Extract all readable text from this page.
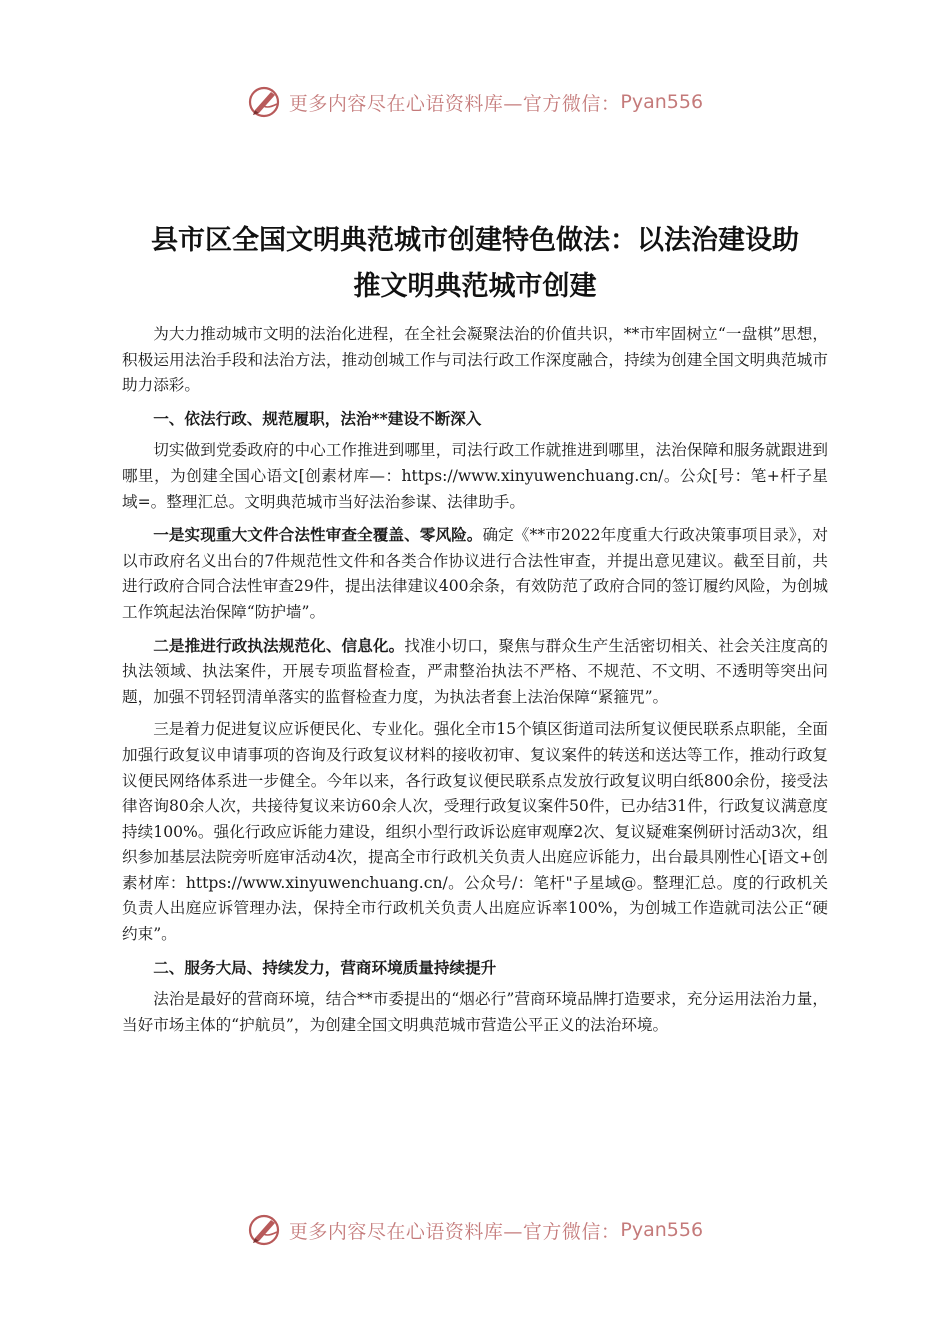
更多内容尽在心语资料库—官方微信： Pyan556
县市区全国文明典范城市创建特色做法：以法治建设助
推文明典范城市创建

为大力推动城市文明的法治化进程，在全社会凝聚法治的价值共识，**市牢固树立“一盘棋”思想，积极运用法治手段和法治方法，推动创城工作与司法行政工作深度融合，持续为创建全国文明典范城市助力添彩。

一、依法行政、规范履职，法治**建设不断深入

切实做到党委政府的中心工作推进到哪里，司法行政工作就推进到哪里，法治保障和服务就跟进到哪里，为创建全国心语文[创素材库—：https://www.xinyuwenchuang.cn/。公众[号：笔+杆子星域=。整理汇总。文明典范城市当好法治参谋、法律助手。

一是实现重大文件合法性审查全覆盖、零风险。确定《**市2022年度重大行政决策事项目录》，对以市政府名义出台的7件规范性文件和各类合作协议进行合法性审查，并提出意见建议。截至目前，共进行政府合同合法性审查29件，提出法律建议400余条，有效防范了政府合同的签订履约风险，为创城工作筑起法治保障“防护墙”。

二是推进行政执法规范化、信息化。找准小切口，聚焦与群众生产生活密切相关、社会关注度高的执法领域、执法案件，开展专项监督检查，严肃整治执法不严格、不规范、不文明、不透明等突出问题，加强不罚轻罚清单落实的监督检查力度，为执法者套上法治保障“紧箍咒”。

三是着力促进复议应诉便民化、专业化。强化全市15个镇区街道司法所复议便民联系点职能，全面加强行政复议申请事项的咨询及行政复议材料的接收初审、复议案件的转送和送达等工作，推动行政复议便民网络体系进一步健全。今年以来，各行政复议便民联系点发放行政复议明白纸800余份，接受法律咨询80余人次，共接待复议来访60余人次，受理行政复议案件50件，已办结31件，行政复议满意度持续100%。强化行政应诉能力建设，组织小型行政诉讼庭审观摩2次、复议疑难案例研讨活动3次，组织参加基层法院旁听庭审活动4次，提高全市行政机关负责人出庭应诉能力，出台最具刚性心[语文+创素材库：https://www.xinyuwenchuang.cn/。公众号/：笔杆"子星域@。整理汇总。度的行政机关负责人出庭应诉管理办法，保持全市行政机关负责人出庭应诉率100%，为创城工作造就司法公正“硬约束”。

二、服务大局、持续发力，营商环境质量持续提升

法治是最好的营商环境，结合**市委提出的“烟必行”营商环境品牌打造要求，充分运用法治力量，当好市场主体的“护航员”，为创建全国文明典范城市营造公平正义的法治环境。

更多内容尽在心语资料库—官方微信： Pyan556
